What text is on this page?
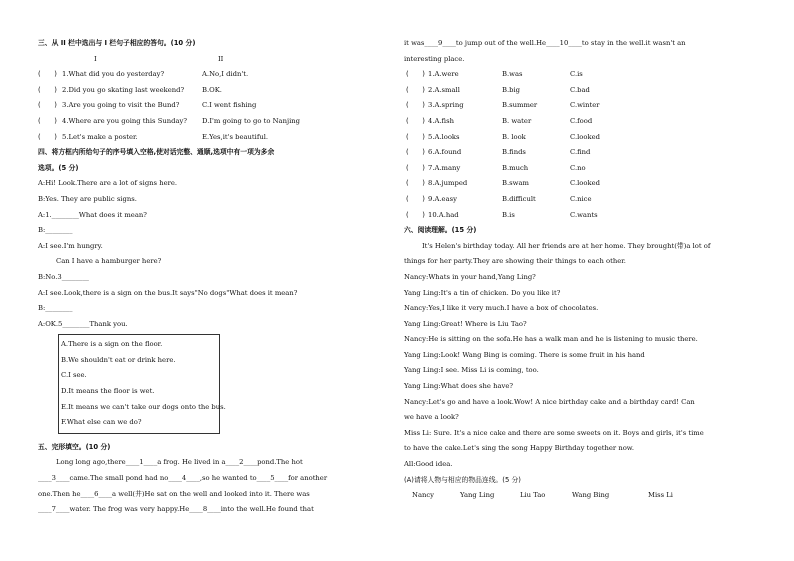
三、从 II 栏中选出与 I 栏句子相应的答句。(10 分)
I	II
(　　) 1.What did you do yesterday?	A.No,I didn't.
(　　) 2.Did you go skating last weekend?	B.OK.
(　　) 3.Are you going to visit the Bund?	C.I went fishing
(　　) 4.Where are you going this Sunday? D.I'm going to go to Nanjing
(　　) 5.Let's make a poster.	E.Yes,it's beautiful.
四、将方框内所给句子的序号填入空格,使对话完整、通顺,选项中有一项为多余
选项。(5 分)
A:Hi! Look.There are a lot of signs here.
B:Yes. They are public signs.
A:1.________What does it mean?
B:________
A:I see.I'm hungry.
Can I have a hamburger here?
B:No.3________
A:I see.Look,there is a sign on the bus.It says"No dogs"What does it mean?
B:________
A:OK.5________Thank you.
A.There is a sign on the floor.
B.We shouldn't eat or drink here.
C.I see.
D.It means the floor is wet.
E.It means we can't take our dogs onto the bus.
F.What else can we do?
五、完形填空。(10 分)
Long long ago,there____1____a frog. He lived in a____2____pond.The hot
____3____came.The small pond had no____4____,so he wanted to____5____for another
one.Then he____6____a well(井)He sat on the well and looked into it. There was
____7____water. The frog was very happy.He____8____into the well.He found that
it was____9____to jump out of the well.He____10____to stay in the well.it wasn't an
interesting place.
(　　) 1.A.were	B.was	C.is
(　　) 2.A.small	B.big	C.bad
(　　) 3.A.spring	B.summer	C.winter
(　　) 4.A.fish	B. water	C.food
(　　) 5.A.looks	B. look	C.looked
(　　) 6.A.found	B.finds	C.find
(　　) 7.A.many	B.much	C.no
(　　) 8.A.jumped	B.swam	C.looked
(　　) 9.A.easy	B.difficult	C.nice
(　　) 10.A.had	B.is	C.wants
六、阅读理解。(15 分)
It's Helen's birthday today. All her friends are at her home. They brought(带)a lot of
things for her party.They are showing their things to each other.
Nancy:Whats in your hand,Yang Ling?
Yang Ling:It's a tin of chicken. Do you like it?
Nancy:Yes,I like it very much.I have a box of chocolates.
Yang Ling:Great! Where is Liu Tao?
Nancy:He is sitting on the sofa.He has a walk man and he is listening to music there.
Yang Ling:Look! Wang Bing is coming. There is some fruit in his hand
Yang Ling:I see. Miss Li is coming, too.
Yang Ling:What does she have?
Nancy:Let's go and have a look.Wow! A nice birthday cake and a birthday card! Can
we have a look?
Miss Li: Sure. It's a nice cake and there are some sweets on it. Boys and girls, it's time
to have the cake.Let's sing the song Happy Birthday together now.
All:Good idea.
(A)请将人物与相应的物品连线。(5 分)
Nancy	Yang Ling	Liu Tao	Wang Bing	Miss Li
